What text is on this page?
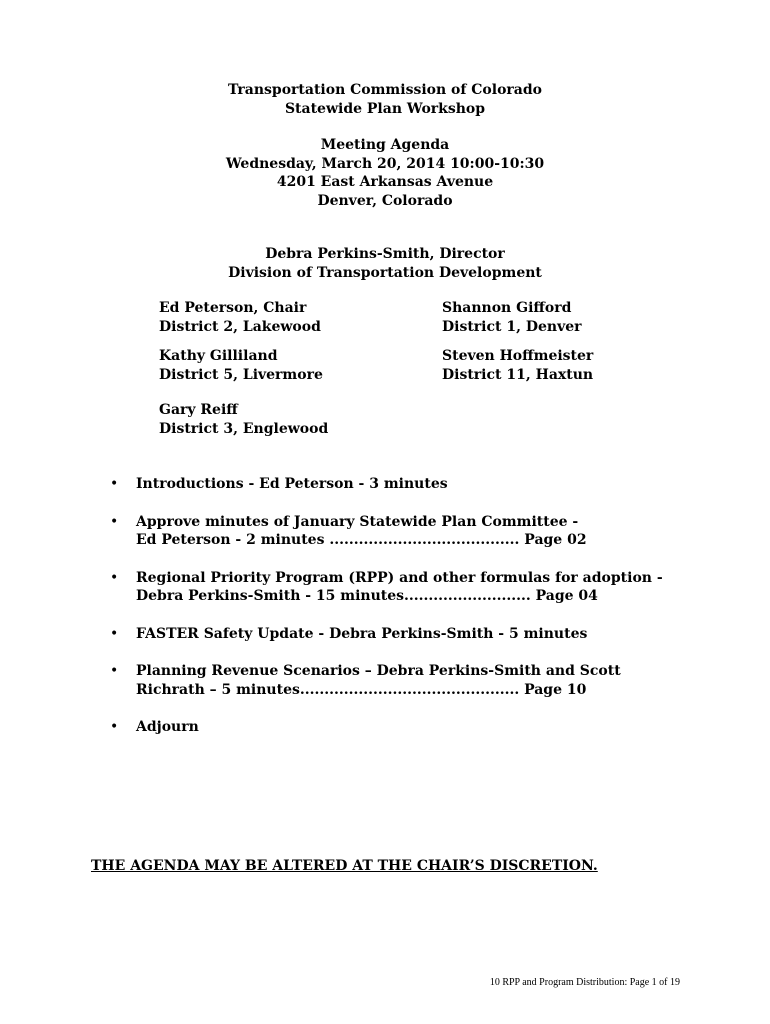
Transportation Commission of Colorado
Statewide Plan Workshop
Meeting Agenda
Wednesday, March 20, 2014 10:00-10:30
4201 East Arkansas Avenue
Denver, Colorado
Debra Perkins-Smith, Director
Division of Transportation Development
Ed Peterson, Chair
District 2, Lakewood
Shannon Gifford
District 1, Denver
Kathy Gilliland
District 5, Livermore
Steven Hoffmeister
District 11, Haxtun
Gary Reiff
District 3, Englewood
• Introductions - Ed Peterson - 3 minutes
• Approve minutes of January Statewide Plan Committee -
Ed Peterson - 2 minutes ....................................... Page 02
• Regional Priority Program (RPP) and other formulas for adoption -
Debra Perkins-Smith - 15 minutes.......................... Page 04
• FASTER Safety Update - Debra Perkins-Smith - 5 minutes
• Planning Revenue Scenarios – Debra Perkins-Smith and Scott
Richrath – 5 minutes............................................. Page 10
• Adjourn
THE AGENDA MAY BE ALTERED AT THE CHAIR’S DISCRETION.
10 RPP and Program Distribution: Page 1 of 19
